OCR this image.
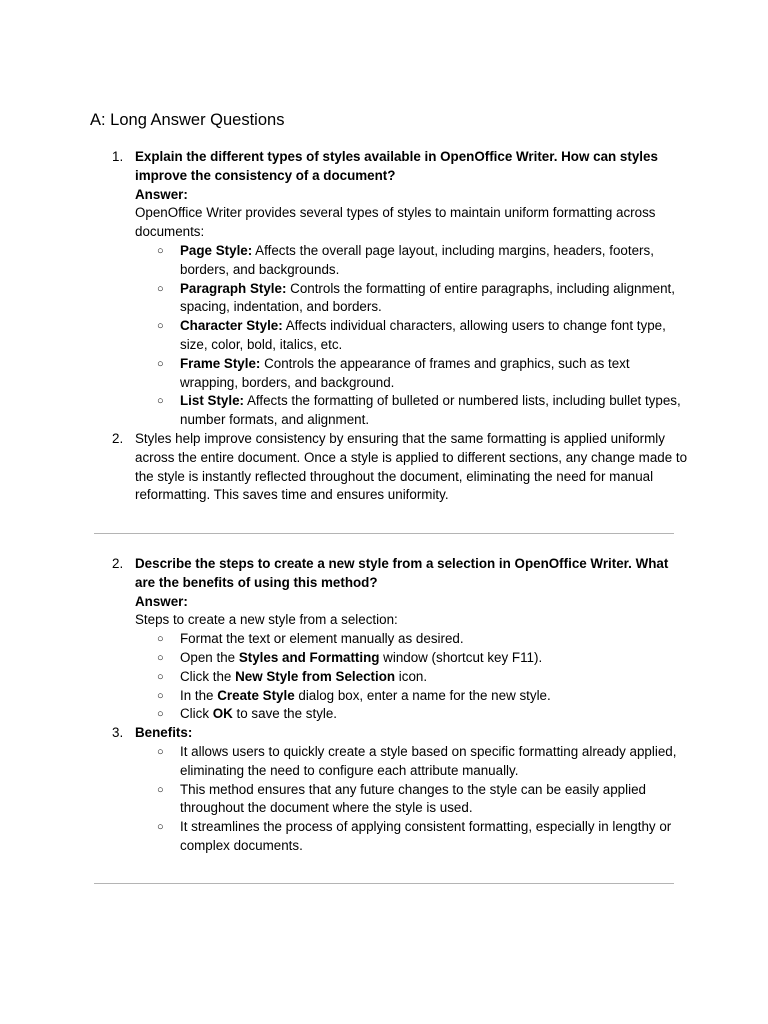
A: Long Answer Questions
1. Explain the different types of styles available in OpenOffice Writer. How can styles improve the consistency of a document?
Answer:
OpenOffice Writer provides several types of styles to maintain uniform formatting across documents:
○ Page Style: Affects the overall page layout, including margins, headers, footers, borders, and backgrounds.
○ Paragraph Style: Controls the formatting of entire paragraphs, including alignment, spacing, indentation, and borders.
○ Character Style: Affects individual characters, allowing users to change font type, size, color, bold, italics, etc.
○ Frame Style: Controls the appearance of frames and graphics, such as text wrapping, borders, and background.
○ List Style: Affects the formatting of bulleted or numbered lists, including bullet types, number formats, and alignment.
2. Styles help improve consistency by ensuring that the same formatting is applied uniformly across the entire document. Once a style is applied to different sections, any change made to the style is instantly reflected throughout the document, eliminating the need for manual reformatting. This saves time and ensures uniformity.
2. Describe the steps to create a new style from a selection in OpenOffice Writer. What are the benefits of using this method?
Answer:
Steps to create a new style from a selection:
○ Format the text or element manually as desired.
○ Open the Styles and Formatting window (shortcut key F11).
○ Click the New Style from Selection icon.
○ In the Create Style dialog box, enter a name for the new style.
○ Click OK to save the style.
3. Benefits:
○ It allows users to quickly create a style based on specific formatting already applied, eliminating the need to configure each attribute manually.
○ This method ensures that any future changes to the style can be easily applied throughout the document where the style is used.
○ It streamlines the process of applying consistent formatting, especially in lengthy or complex documents.
